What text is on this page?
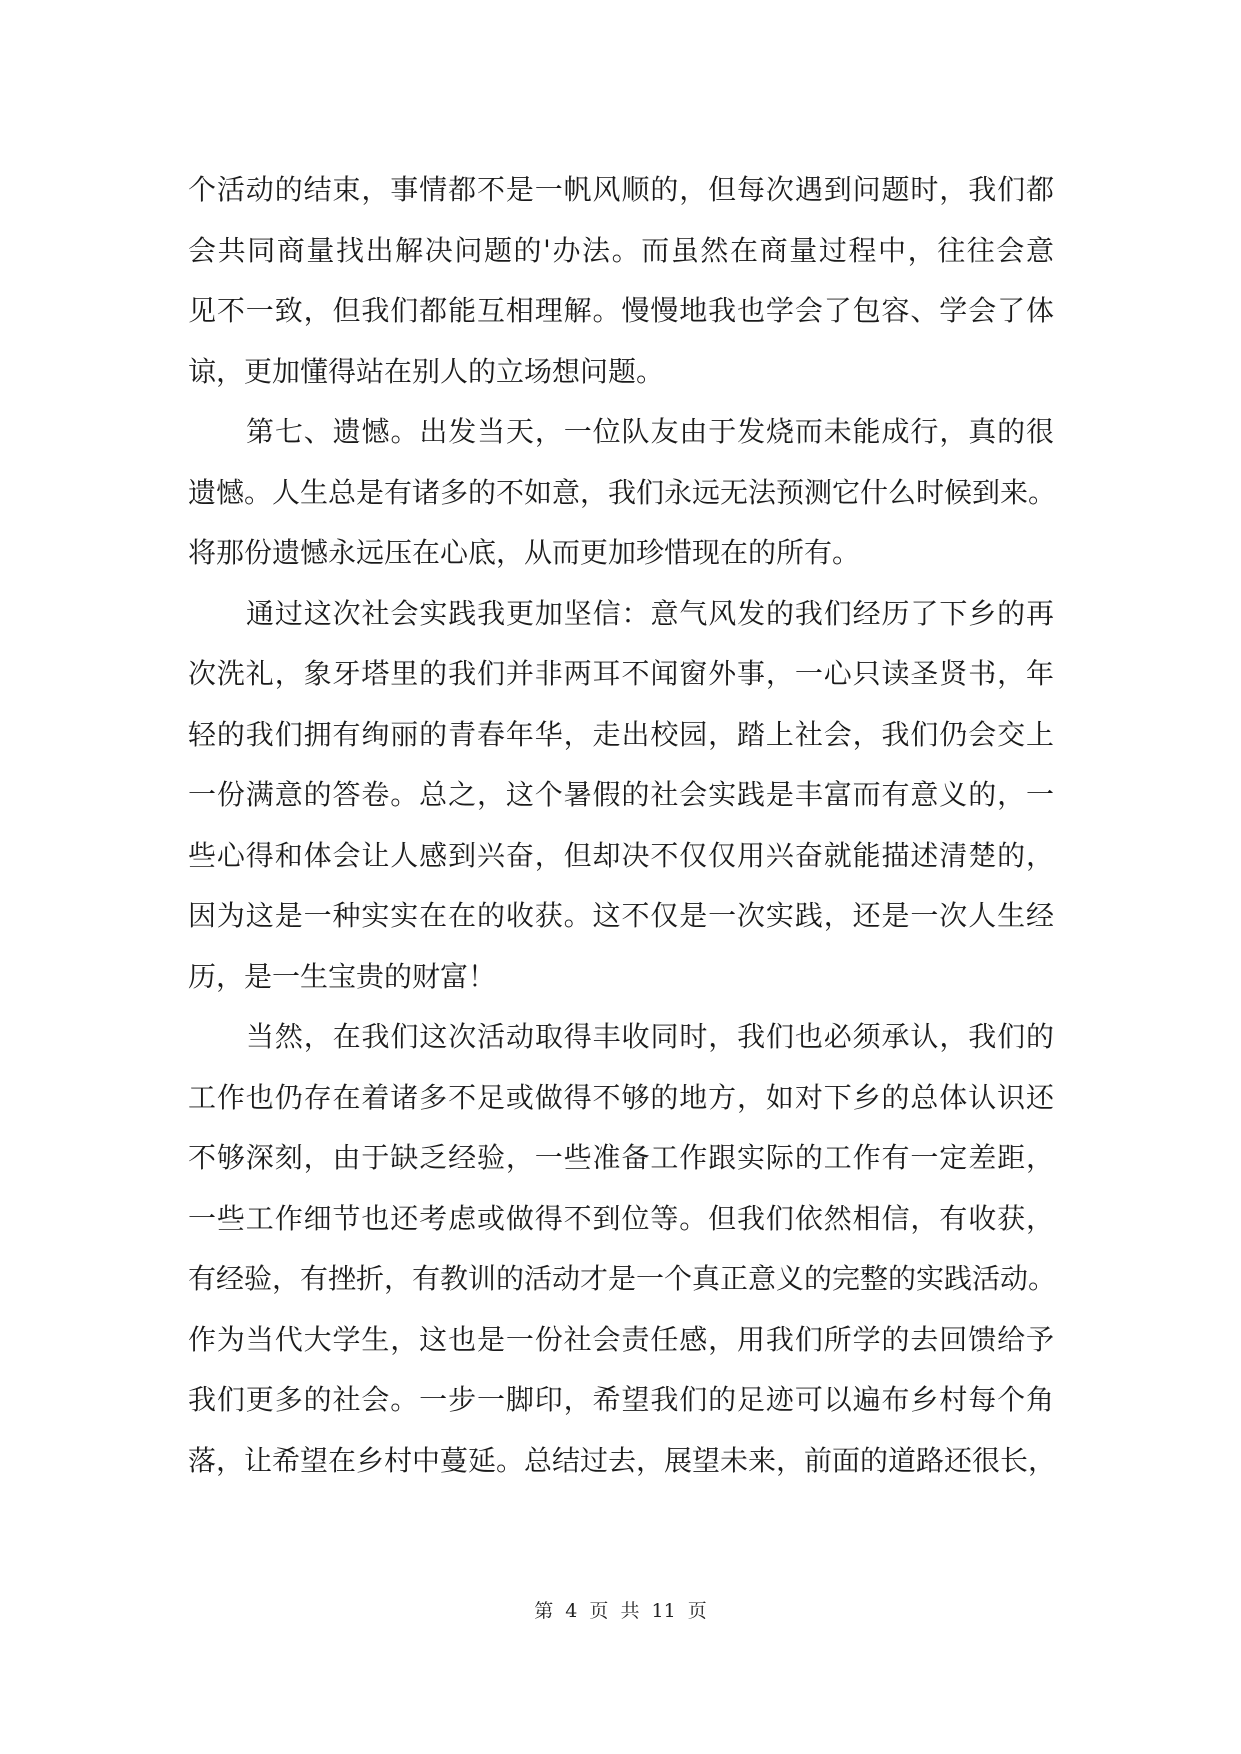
个活动的结束，事情都不是一帆风顺的，但每次遇到问题时，我们都
会共同商量找出解决问题的'办法。而虽然在商量过程中，往往会意
见不一致，但我们都能互相理解。慢慢地我也学会了包容、学会了体
谅，更加懂得站在别人的立场想问题。
第七、遗憾。出发当天，一位队友由于发烧而未能成行，真的很
遗憾。人生总是有诸多的不如意，我们永远无法预测它什么时候到来。
将那份遗憾永远压在心底，从而更加珍惜现在的所有。
通过这次社会实践我更加坚信：意气风发的我们经历了下乡的再
次洗礼，象牙塔里的我们并非两耳不闻窗外事，一心只读圣贤书，年
轻的我们拥有绚丽的青春年华，走出校园，踏上社会，我们仍会交上
一份满意的答卷。总之，这个暑假的社会实践是丰富而有意义的，一
些心得和体会让人感到兴奋，但却决不仅仅用兴奋就能描述清楚的，
因为这是一种实实在在的收获。这不仅是一次实践，还是一次人生经
历，是一生宝贵的财富！
当然，在我们这次活动取得丰收同时，我们也必须承认，我们的
工作也仍存在着诸多不足或做得不够的地方，如对下乡的总体认识还
不够深刻，由于缺乏经验，一些准备工作跟实际的工作有一定差距，
一些工作细节也还考虑或做得不到位等。但我们依然相信，有收获，
有经验，有挫折，有教训的活动才是一个真正意义的完整的实践活动。
作为当代大学生，这也是一份社会责任感，用我们所学的去回馈给予
我们更多的社会。一步一脚印，希望我们的足迹可以遍布乡村每个角
落，让希望在乡村中蔓延。总结过去，展望未来，前面的道路还很长，
第 4 页 共 11 页
